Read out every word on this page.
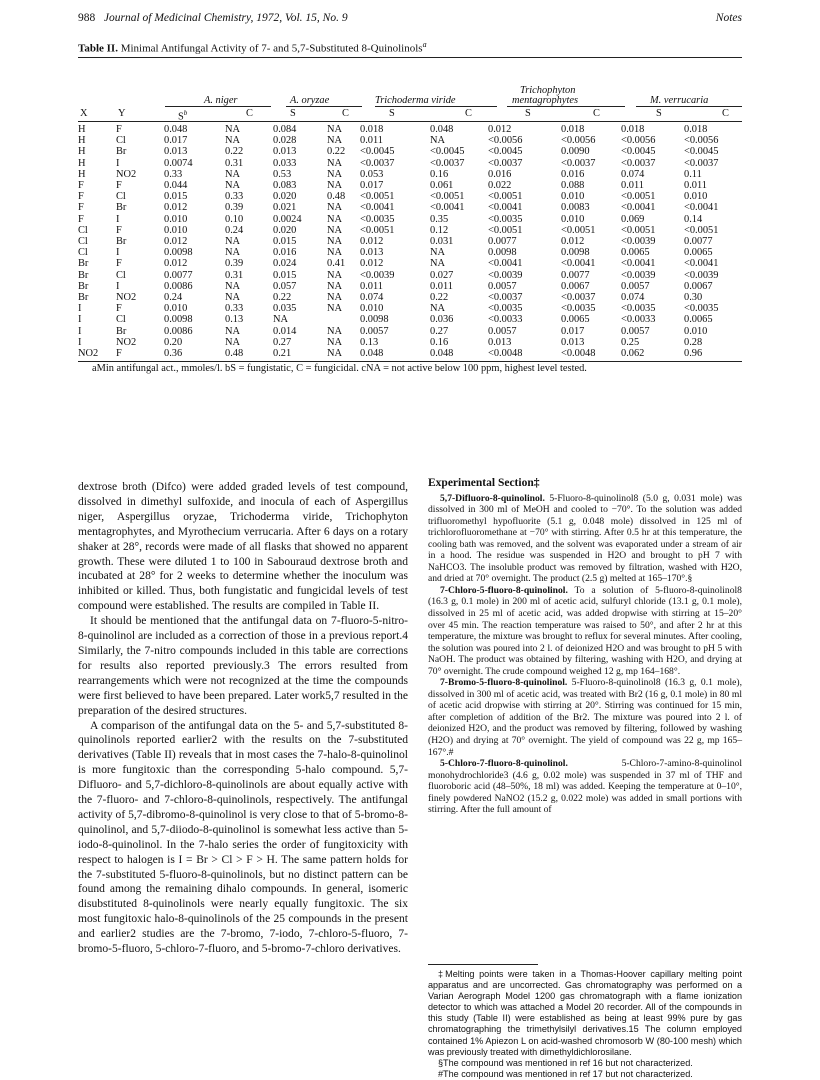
988 Journal of Medicinal Chemistry, 1972, Vol. 15, No. 9	Notes
Table II. Minimal Antifungal Activity of 7- and 5,7-Substituted 8-Quinolinols$^a$
Trichophyton
A. niger	A. oryzae	Trichoderma viride	mentagrophytes	M. verrucaria
X	Y	$S^b$	C	S	C	S	C	S	C	S	C
H	F	0.048	NA	0.084	NA	0.018	0.048	0.012	0.018	0.018	0.018
H	Cl	0.017	NA	0.028	NA	0.011	NA	<0.0056	<0.0056	<0.0056	<0.0056
H	Br	0.013	0.22	0.013	0.22	<0.0045	<0.0045	<0.0045	0.0090	<0.0045	<0.0045
H	I	0.0074	0.31	0.033	NA	<0.0037	<0.0037	<0.0037	<0.0037	<0.0037	<0.0037
H	NO2	0.33	NA	0.53	NA	0.053	0.16	0.016	0.016	0.074	0.11
F	F	0.044	NA	0.083	NA	0.017	0.061	0.022	0.088	0.011	0.011
F	Cl	0.015	0.33	0.020	0.48	<0.0051	<0.0051	<0.0051	0.010	<0.0051	0.010
F	Br	0.012	0.39	0.021	NA	<0.0041	<0.0041	<0.0041	0.0083	<0.0041	<0.0041
F	I	0.010	0.10	0.0024	NA	<0.0035	0.35	<0.0035	0.010	0.069	0.14
Cl	F	0.010	0.24	0.020	NA	<0.0051	0.12	<0.0051	<0.0051	<0.0051	<0.0051
Cl	Br	0.012	NA	0.015	NA	0.012	0.031	0.0077	0.012	<0.0039	0.0077
Cl	I	0.0098	NA	0.016	NA	0.013	NA	0.0098	0.0098	0.0065	0.0065
Br	F	0.012	0.39	0.024	0.41	0.012	NA	<0.0041	<0.0041	<0.0041	<0.0041
Br	Cl	0.0077	0.31	0.015	NA	<0.0039	0.027	<0.0039	0.0077	<0.0039	<0.0039
Br	I	0.0086	NA	0.057	NA	0.011	0.011	0.0057	0.0067	0.0057	0.0067
Br	NO2	0.24	NA	0.22	NA	0.074	0.22	<0.0037	<0.0037	0.074	0.30
I	F	0.010	0.33	0.035	NA	0.010	NA	<0.0035	<0.0035	<0.0035	<0.0035
I	Cl	0.0098	0.13	NA		0.0098	0.036	<0.0033	0.0065	<0.0033	0.0065
I	Br	0.0086	NA	0.014	NA	0.0057	0.27	0.0057	0.017	0.0057	0.010
I	NO2	0.20	NA	0.27	NA	0.13	0.16	0.013	0.013	0.25	0.28
NO2	F	0.36	0.48	0.21	NA	0.048	0.048	<0.0048	<0.0048	0.062	0.96
aMin antifungal act., mmoles/l. bS = fungistatic, C = fungicidal. cNA = not active below 100 ppm, highest level tested.

dextrose broth (Difco) were added graded levels of test compound, dissolved in dimethyl sulfoxide, and inocula of each of Aspergillus niger, Aspergillus oryzae, Trichoderma viride, Trichophyton mentagrophytes, and Myrothecium verrucaria. After 6 days on a rotary shaker at 28°, records were made of all flasks that showed no apparent growth. These were diluted 1 to 100 in Sabouraud dextrose broth and incubated at 28° for 2 weeks to determine whether the inoculum was inhibited or killed. Thus, both fungistatic and fungicidal levels of test compound were established. The results are compiled in Table II.

It should be mentioned that the antifungal data on 7-fluoro-5-nitro-8-quinolinol are included as a correction of those in a previous report.4 Similarly, the 7-nitro compounds included in this table are corrections for results also reported previously.3 The errors resulted from rearrangements which were not recognized at the time the compounds were first believed to have been prepared. Later work5,7 resulted in the preparation of the desired structures.

A comparison of the antifungal data on the 5- and 5,7-substituted 8-quinolinols reported earlier2 with the results on the 7-substituted derivatives (Table II) reveals that in most cases the 7-halo-8-quinolinol is more fungitoxic than the corresponding 5-halo compound. 5,7-Difluoro- and 5,7-dichloro-8-quinolinols are about equally active with the 7-fluoro- and 7-chloro-8-quinolinols, respectively. The antifungal activity of 5,7-dibromo-8-quinolinol is very close to that of 5-bromo-8-quinolinol, and 5,7-diiodo-8-quinolinol is somewhat less active than 5-iodo-8-quinolinol. In the 7-halo series the order of fungitoxicity with respect to halogen is I = Br > Cl > F > H. The same pattern holds for the 7-substituted 5-fluoro-8-quinolinols, but no distinct pattern can be found among the remaining dihalo compounds. In general, isomeric disubstituted 8-quinolinols were nearly equally fungitoxic. The six most fungitoxic halo-8-quinolinols of the 25 compounds in the present and earlier2 studies are the 7-bromo, 7-iodo, 7-chloro-5-fluoro, 7-bromo-5-fluoro, 5-chloro-7-fluoro, and 5-bromo-7-chloro derivatives.

Experimental Section‡

5,7-Difluoro-8-quinolinol. 5-Fluoro-8-quinolinol8 (5.0 g, 0.031 mole) was dissolved in 300 ml of MeOH and cooled to −70°. To the solution was added trifluoromethyl hypofluorite (5.1 g, 0.048 mole) dissolved in 125 ml of trichlorofluoromethane at −70° with stirring. After 0.5 hr at this temperature, the cooling bath was removed, and the solvent was evaporated under a stream of air in a hood. The residue was suspended in H2O and brought to pH 7 with NaHCO3. The insoluble product was removed by filtration, washed with H2O, and dried at 70° overnight. The product (2.5 g) melted at 165–170°.§

7-Chloro-5-fluoro-8-quinolinol. To a solution of 5-fluoro-8-quinolinol8 (16.3 g, 0.1 mole) in 200 ml of acetic acid, sulfuryl chloride (13.1 g, 0.1 mole), dissolved in 25 ml of acetic acid, was added dropwise with stirring at 15–20° over 45 min. The reaction temperature was raised to 50°, and after 2 hr at this temperature, the mixture was brought to reflux for several minutes. After cooling, the solution was poured into 2 l. of deionized H2O and was brought to pH 5 with NaOH. The product was obtained by filtering, washing with H2O, and drying at 70° overnight. The crude compound weighed 12 g, mp 164–168°.

7-Bromo-5-fluoro-8-quinolinol. 5-Fluoro-8-quinolinol8 (16.3 g, 0.1 mole), dissolved in 300 ml of acetic acid, was treated with Br2 (16 g, 0.1 mole) in 80 ml of acetic acid dropwise with stirring at 20°. Stirring was continued for 15 min, after completion of addition of the Br2. The mixture was poured into 2 l. of deionized H2O, and the product was removed by filtering, followed by washing (H2O) and drying at 70° overnight. The yield of compound was 22 g, mp 165–167°.#

5-Chloro-7-fluoro-8-quinolinol.	5-Chloro-7-amino-8-quinolinol monohydrochloride3 (4.6 g, 0.02 mole) was suspended in 37 ml of THF and fluoroboric acid (48–50%, 18 ml) was added. Keeping the temperature at 0–10°, finely powdered NaNO2 (15.2 g, 0.022 mole) was added in small portions with stirring. After the full amount of

‡Melting points were taken in a Thomas-Hoover capillary melting point apparatus and are uncorrected. Gas chromatography was performed on a Varian Aerograph Model 1200 gas chromatograph with a flame ionization detector to which was attached a Model 20 recorder. All of the compounds in this study (Table II) were established as being at least 99% pure by gas chromatographing the trimethylsilyl derivatives.15 The column employed contained 1% Apiezon L on acid-washed chromosorb W (80-100 mesh) which was previously treated with dimethyldichlorosilane.

§The compound was mentioned in ref 16 but not characterized.

#The compound was mentioned in ref 17 but not characterized.
